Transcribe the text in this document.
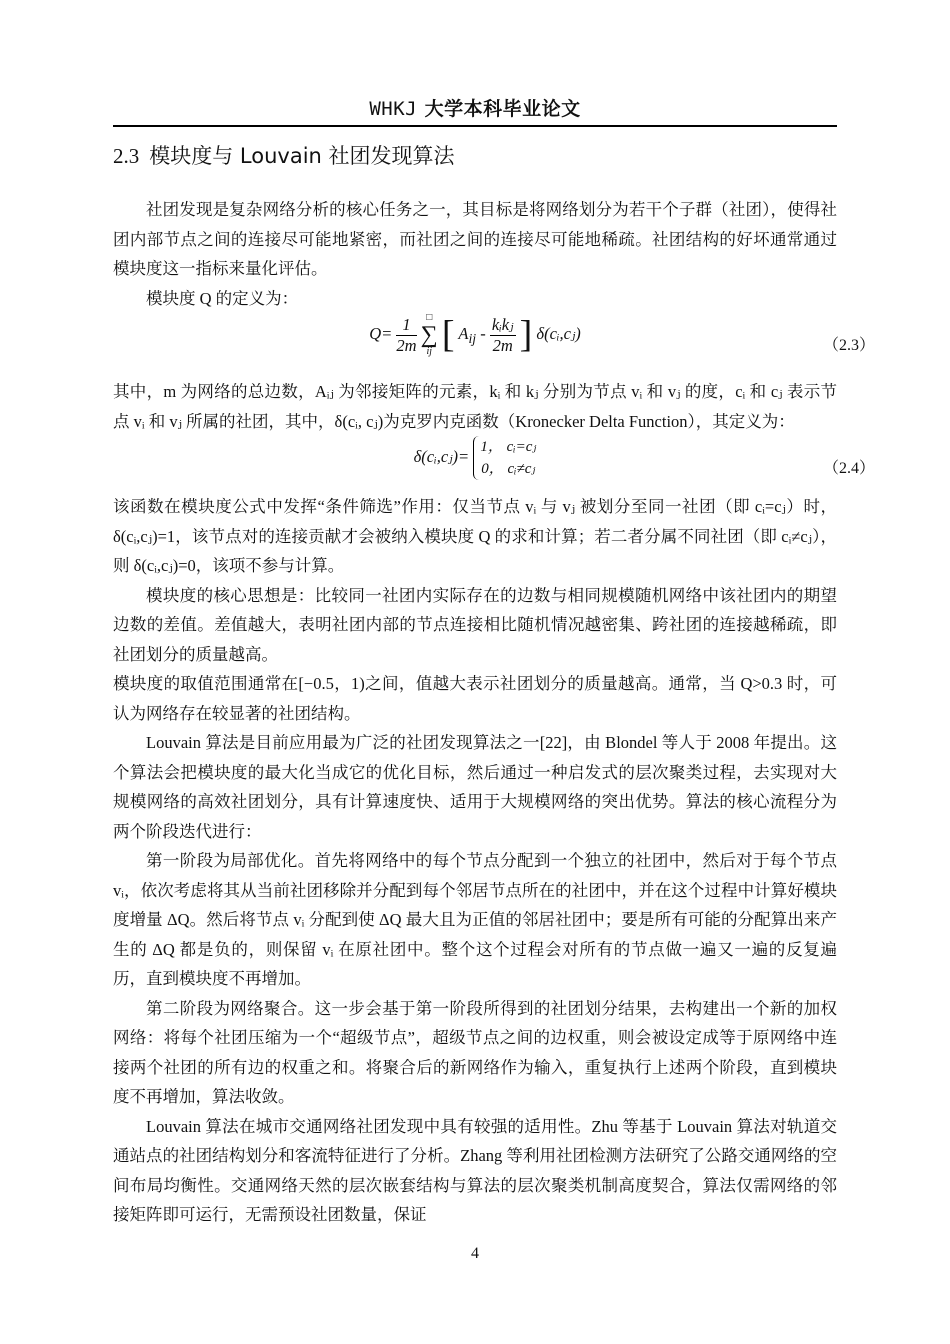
WHKJ 大学本科毕业论文
2.3 模块度与 Louvain 社团发现算法

社团发现是复杂网络分析的核心任务之一，其目标是将网络划分为若干个子群（社团），使得社团内部节点之间的连接尽可能地紧密，而社团之间的连接尽可能地稀疏。社团结构的好坏通常通过模块度这一指标来量化评估。

模块度 Q 的定义为：

$Q= \frac{1}{2m}$
□
∑
ij [ $A_{ij} - \frac{\text{kᵢkⱼ}}{2m}$ ] δ(cᵢ,cⱼ)
（2.3）

其中，m 为网络的总边数，Aᵢⱼ 为邻接矩阵的元素，kᵢ 和 kⱼ 分别为节点 vᵢ 和 vⱼ 的度，cᵢ 和 cⱼ 表示节点 vᵢ 和 vⱼ 所属的社团，其中，δ(cᵢ, cⱼ)为克罗内克函数（Kronecker Delta Function），其定义为：

δ(cᵢ,cⱼ)= 1， cᵢ=cⱼ
0， cᵢ≠cⱼ	（2.4）

该函数在模块度公式中发挥“条件筛选”作用：仅当节点 vᵢ 与 vⱼ 被划分至同一社团（即 cᵢ=cⱼ）时，δ(cᵢ,cⱼ)=1，该节点对的连接贡献才会被纳入模块度 Q 的求和计算；若二者分属不同社团（即 cᵢ≠cⱼ），则 δ(cᵢ,cⱼ)=0，该项不参与计算。

模块度的核心思想是：比较同一社团内实际存在的边数与相同规模随机网络中该社团内的期望边数的差值。差值越大，表明社团内部的节点连接相比随机情况越密集、跨社团的连接越稀疏，即社团划分的质量越高。

模块度的取值范围通常在[−0.5，1)之间，值越大表示社团划分的质量越高。通常，当 Q>0.3 时，可认为网络存在较显著的社团结构。

Louvain 算法是目前应用最为广泛的社团发现算法之一[22]，由 Blondel 等人于 2008 年提出。这个算法会把模块度的最大化当成它的优化目标，然后通过一种启发式的层次聚类过程，去实现对大规模网络的高效社团划分，具有计算速度快、适用于大规模网络的突出优势。算法的核心流程分为两个阶段迭代进行：

第一阶段为局部优化。首先将网络中的每个节点分配到一个独立的社团中，然后对于每个节点 vᵢ，依次考虑将其从当前社团移除并分配到每个邻居节点所在的社团中，并在这个过程中计算好模块度增量 ΔQ。然后将节点 vᵢ 分配到使 ΔQ 最大且为正值的邻居社团中；要是所有可能的分配算出来产生的 ΔQ 都是负的，则保留 vᵢ 在原社团中。整个这个过程会对所有的节点做一遍又一遍的反复遍历，直到模块度不再增加。

第二阶段为网络聚合。这一步会基于第一阶段所得到的社团划分结果，去构建出一个新的加权网络：将每个社团压缩为一个“超级节点”，超级节点之间的边权重，则会被设定成等于原网络中连接两个社团的所有边的权重之和。将聚合后的新网络作为输入，重复执行上述两个阶段，直到模块度不再增加，算法收敛。

Louvain 算法在城市交通网络社团发现中具有较强的适用性。Zhu 等基于 Louvain 算法对轨道交通站点的社团结构划分和客流特征进行了分析。Zhang 等利用社团检测方法研究了公路交通网络的空间布局均衡性。交通网络天然的层次嵌套结构与算法的层次聚类机制高度契合，算法仅需网络的邻接矩阵即可运行，无需预设社团数量，保证

4
